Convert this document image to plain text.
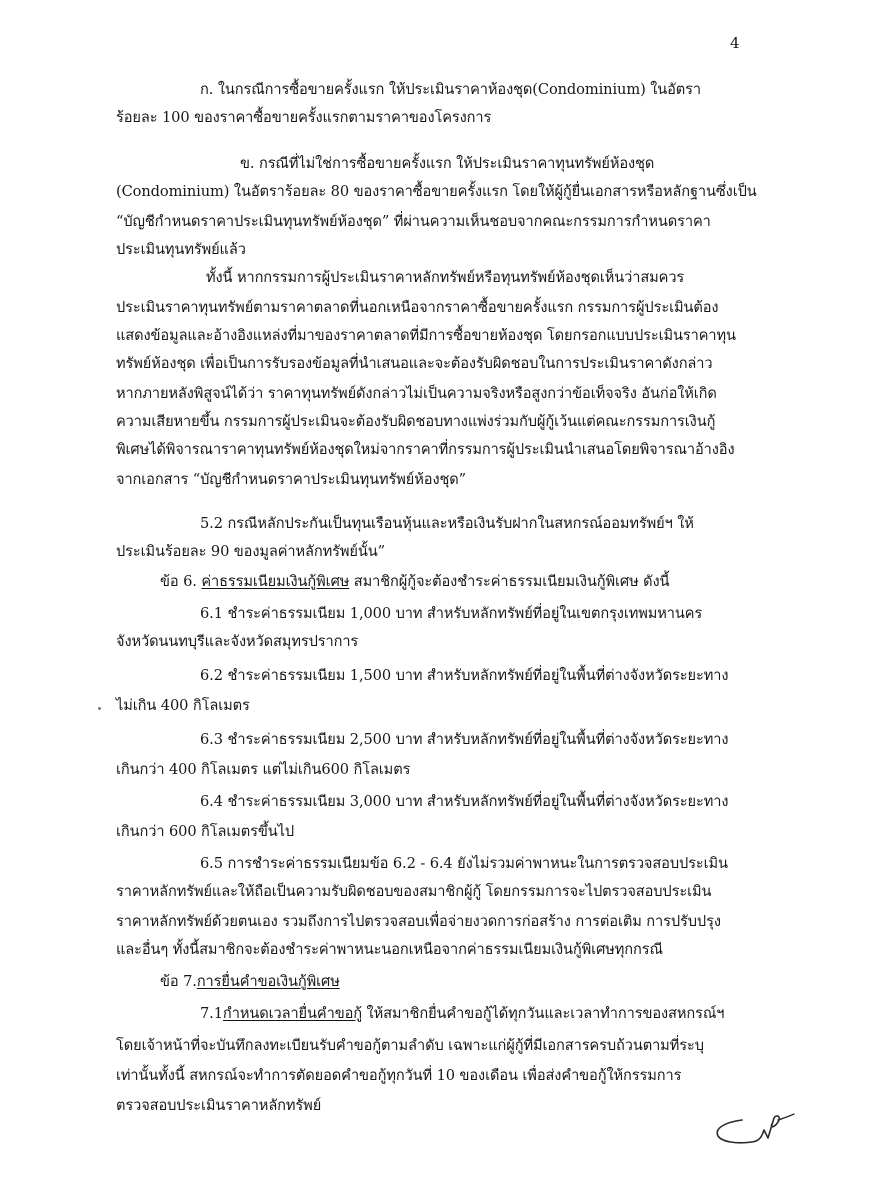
4
ก. ในกรณีการซื้อขายครั้งแรก ให้ประเมินราคาห้องชุด(Condominium) ในอัตรา
ร้อยละ 100 ของราคาซื้อขายครั้งแรกตามราคาของโครงการ
ข. กรณีที่ไม่ใช่การซื้อขายครั้งแรก ให้ประเมินราคาทุนทรัพย์ห้องชุด
(Condominium) ในอัตราร้อยละ 80 ของราคาซื้อขายครั้งแรก โดยให้ผู้กู้ยื่นเอกสารหรือหลักฐานซึ่งเป็น
“บัญชีกำหนดราคาประเมินทุนทรัพย์ห้องชุด” ที่ผ่านความเห็นชอบจากคณะกรรมการกำหนดราคา
ประเมินทุนทรัพย์แล้ว
ทั้งนี้ หากกรรมการผู้ประเมินราคาหลักทรัพย์หรือทุนทรัพย์ห้องชุดเห็นว่าสมควร
ประเมินราคาทุนทรัพย์ตามราคาตลาดที่นอกเหนือจากราคาซื้อขายครั้งแรก กรรมการผู้ประเมินต้อง
แสดงข้อมูลและอ้างอิงแหล่งที่มาของราคาตลาดที่มีการซื้อขายห้องชุด โดยกรอกแบบประเมินราคาทุน
ทรัพย์ห้องชุด เพื่อเป็นการรับรองข้อมูลที่นำเสนอและจะต้องรับผิดชอบในการประเมินราคาดังกล่าว
หากภายหลังพิสูจน์ได้ว่า ราคาทุนทรัพย์ดังกล่าวไม่เป็นความจริงหรือสูงกว่าข้อเท็จจริง อันก่อให้เกิด
ความเสียหายขึ้น กรรมการผู้ประเมินจะต้องรับผิดชอบทางแพ่งร่วมกับผู้กู้เว้นแต่คณะกรรมการเงินกู้
พิเศษได้พิจารณาราคาทุนทรัพย์ห้องชุดใหม่จากราคาที่กรรมการผู้ประเมินนำเสนอโดยพิจารณาอ้างอิง
จากเอกสาร “บัญชีกำหนดราคาประเมินทุนทรัพย์ห้องชุด”
5.2 กรณีหลักประกันเป็นทุนเรือนหุ้นและหรือเงินรับฝากในสหกรณ์ออมทรัพย์ฯ ให้
ประเมินร้อยละ 90 ของมูลค่าหลักทรัพย์นั้น”
ข้อ 6. ค่าธรรมเนียมเงินกู้พิเศษ สมาชิกผู้กู้จะต้องชำระค่าธรรมเนียมเงินกู้พิเศษ ดังนี้
6.1 ชำระค่าธรรมเนียม 1,000 บาท สำหรับหลักทรัพย์ที่อยู่ในเขตกรุงเทพมหานคร
จังหวัดนนทบุรีและจังหวัดสมุทรปราการ
6.2 ชำระค่าธรรมเนียม 1,500 บาท สำหรับหลักทรัพย์ที่อยู่ในพื้นที่ต่างจังหวัดระยะทาง
ไม่เกิน 400 กิโลเมตร
6.3 ชำระค่าธรรมเนียม 2,500 บาท สำหรับหลักทรัพย์ที่อยู่ในพื้นที่ต่างจังหวัดระยะทาง
เกินกว่า 400 กิโลเมตร แต่ไม่เกิน600 กิโลเมตร
6.4 ชำระค่าธรรมเนียม 3,000 บาท สำหรับหลักทรัพย์ที่อยู่ในพื้นที่ต่างจังหวัดระยะทาง
เกินกว่า 600 กิโลเมตรขึ้นไป
6.5 การชำระค่าธรรมเนียมข้อ 6.2 - 6.4 ยังไม่รวมค่าพาหนะในการตรวจสอบประเมิน
ราคาหลักทรัพย์และให้ถือเป็นความรับผิดชอบของสมาชิกผู้กู้ โดยกรรมการจะไปตรวจสอบประเมิน
ราคาหลักทรัพย์ด้วยตนเอง รวมถึงการไปตรวจสอบเพื่อจ่ายงวดการก่อสร้าง การต่อเติม การปรับปรุง
และอื่นๆ ทั้งนี้สมาชิกจะต้องชำระค่าพาหนะนอกเหนือจากค่าธรรมเนียมเงินกู้พิเศษทุกกรณี
ข้อ 7.การยื่นคำขอเงินกู้พิเศษ
7.1กำหนดเวลายื่นคำขอกู้ ให้สมาชิกยื่นคำขอกู้ได้ทุกวันและเวลาทำการของสหกรณ์ฯ
โดยเจ้าหน้าที่จะบันทึกลงทะเบียนรับคำขอกู้ตามลำดับ เฉพาะแก่ผู้กู้ที่มีเอกสารครบถ้วนตามที่ระบุ
เท่านั้นทั้งนี้ สหกรณ์จะทำการตัดยอดคำขอกู้ทุกวันที่ 10 ของเดือน เพื่อส่งคำขอกู้ให้กรรมการ
ตรวจสอบประเมินราคาหลักทรัพย์
